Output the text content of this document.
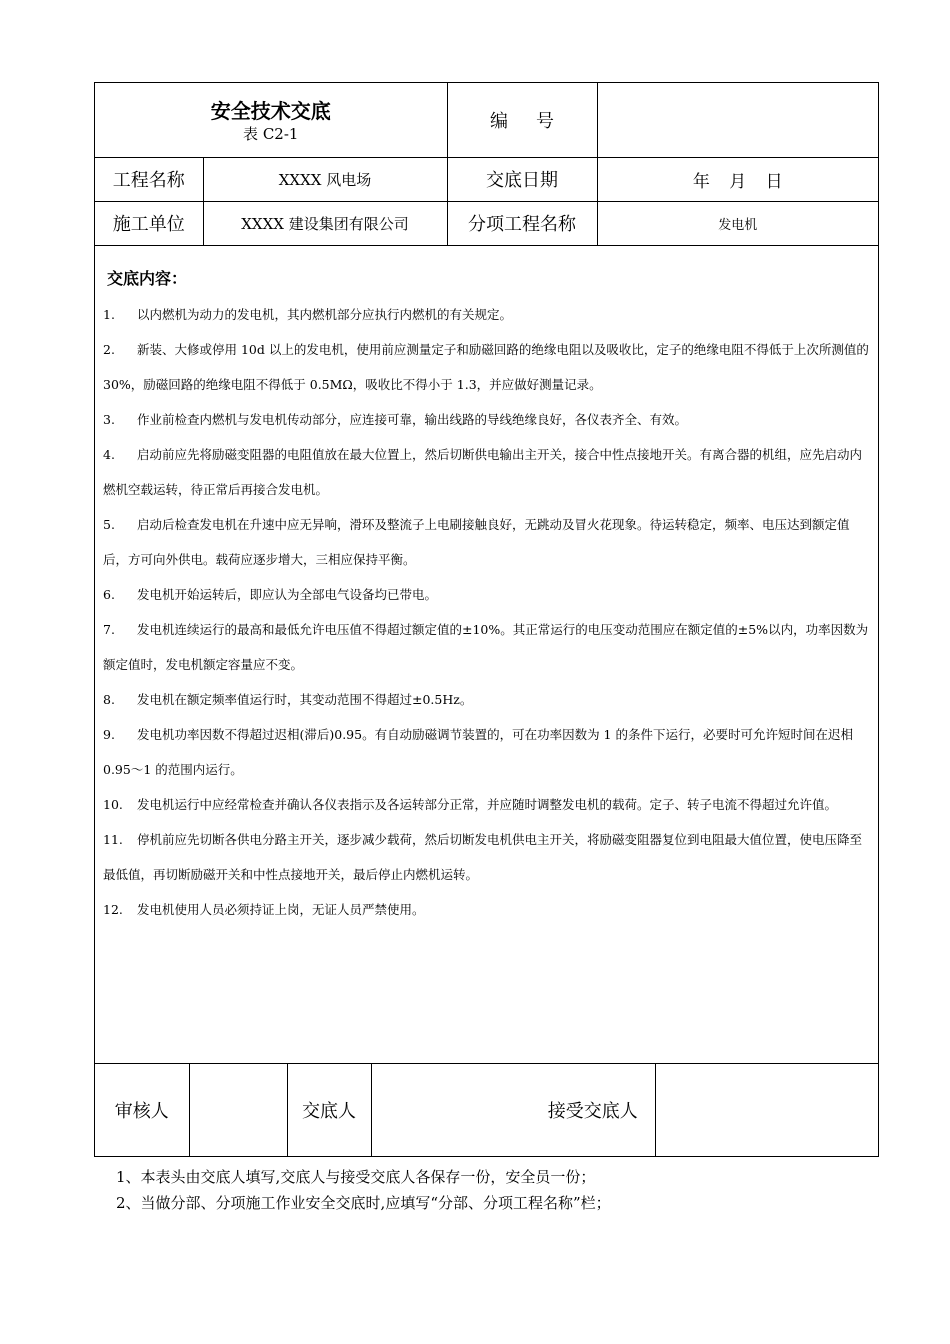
安全技术交底
表 C2-1		编号	
工程名称	XXXX 风电场	交底日期	年 月 日
施工单位	XXXX 建设集团有限公司	分项工程名称	发电机
交底内容：

1. 以内燃机为动力的发电机，其内燃机部分应执行内燃机的有关规定。

2. 新装、大修或停用 10d 以上的发电机，使用前应测量定子和励磁回路的绝缘电阻以及吸收比，定子的绝缘电阻不得低于上次所测值的 30%，励磁回路的绝缘电阻不得低于 0.5MΩ，吸收比不得小于 1.3，并应做好测量记录。

3. 作业前检查内燃机与发电机传动部分，应连接可靠，输出线路的导线绝缘良好，各仪表齐全、有效。

4. 启动前应先将励磁变阻器的电阻值放在最大位置上，然后切断供电输出主开关，接合中性点接地开关。有离合器的机组，应先启动内燃机空载运转，待正常后再接合发电机。

5. 启动后检查发电机在升速中应无异响，滑环及整流子上电刷接触良好，无跳动及冒火花现象。待运转稳定，频率、电压达到额定值后，方可向外供电。载荷应逐步增大，三相应保持平衡。

6. 发电机开始运转后，即应认为全部电气设备均已带电。

7. 发电机连续运行的最高和最低允许电压值不得超过额定值的±10%。其正常运行的电压变动范围应在额定值的±5%以内，功率因数为额定值时，发电机额定容量应不变。

8. 发电机在额定频率值运行时，其变动范围不得超过±0.5Hz。

9. 发电机功率因数不得超过迟相(滞后)0.95。有自动励磁调节装置的，可在功率因数为 1 的条件下运行，必要时可允许短时间在迟相 0.95～1 的范围内运行。

10. 发电机运行中应经常检查并确认各仪表指示及各运转部分正常，并应随时调整发电机的载荷。定子、转子电流不得超过允许值。

11. 停机前应先切断各供电分路主开关，逐步减少载荷，然后切断发电机供电主开关，将励磁变阻器复位到电阻最大值位置，使电压降至最低值，再切断励磁开关和中性点接地开关，最后停止内燃机运转。

12. 发电机使用人员必须持证上岗，无证人员严禁使用。

审核人		交底人		接受交底人	

1、本表头由交底人填写,交底人与接受交底人各保存一份，安全员一份；

2、当做分部、分项施工作业安全交底时,应填写“分部、分项工程名称”栏；
